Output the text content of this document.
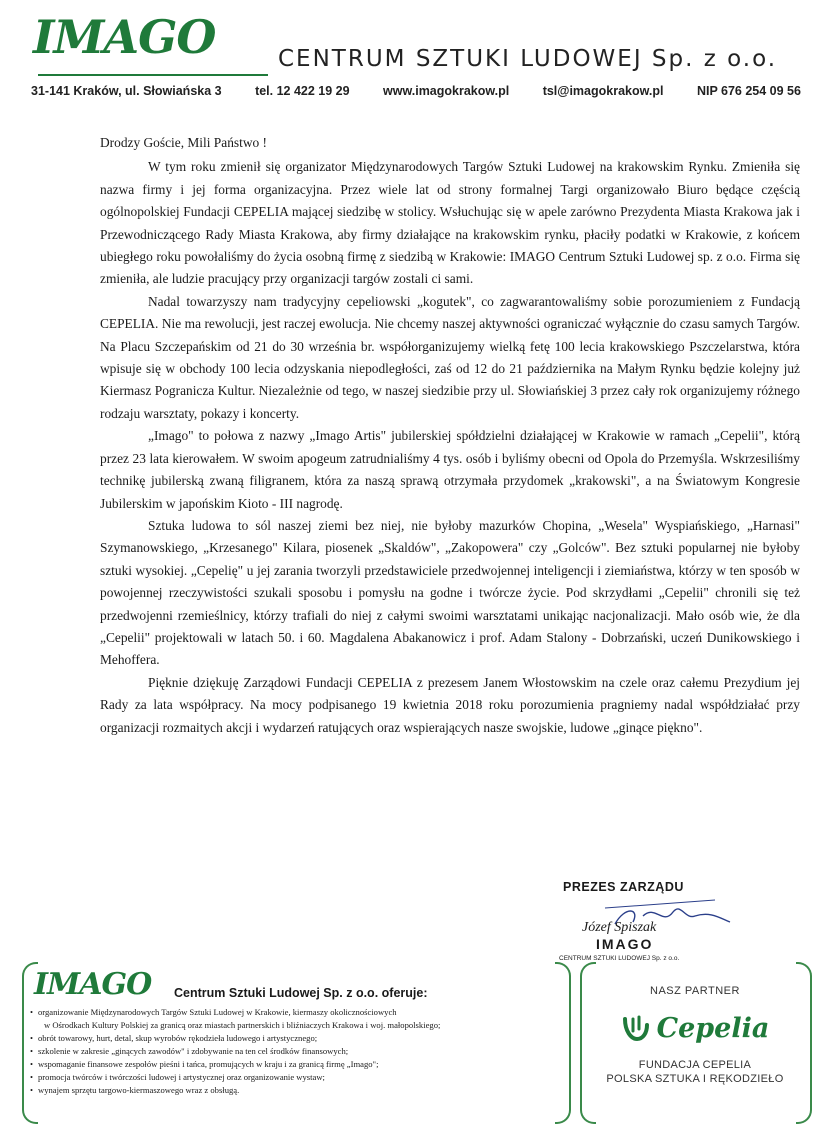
IMAGO	CENTRUM SZTUKI LUDOWEJ Sp. z o.o.
31-141 Kraków, ul. Słowiańska 3	tel. 12 422 19 29	www.imagokrakow.pl	tsl@imagokrakow.pl	NIP 676 254 09 56

Drodzy Goście, Mili Państwo !

W tym roku zmienił się organizator Międzynarodowych Targów Sztuki Ludowej na krakowskim Rynku. Zmieniła się nazwa firmy i jej forma organizacyjna. Przez wiele lat od strony formalnej Targi organizowało Biuro będące częścią ogólnopolskiej Fundacji CEPELIA mającej siedzibę w stolicy. Wsłuchując się w apele zarówno Prezydenta Miasta Krakowa jak i Przewodniczącego Rady Miasta Krakowa, aby firmy działające na krakowskim rynku, płaciły podatki w Krakowie, z końcem ubiegłego roku powołaliśmy do życia osobną firmę z siedzibą w Krakowie: IMAGO Centrum Sztuki Ludowej sp. z o.o. Firma się zmieniła, ale ludzie pracujący przy organizacji targów zostali ci sami.

Nadal towarzyszy nam tradycyjny cepeliowski „kogutek", co zagwarantowaliśmy sobie porozumieniem z Fundacją CEPELIA. Nie ma rewolucji, jest raczej ewolucja. Nie chcemy naszej aktywności ograniczać wyłącznie do czasu samych Targów. Na Placu Szczepańskim od 21 do 30 września br. współorganizujemy wielką fetę 100 lecia krakowskiego Pszczelarstwa, która wpisuje się w obchody 100 lecia odzyskania niepodległości, zaś od 12 do 21 października na Małym Rynku będzie kolejny już Kiermasz Pogranicza Kultur. Niezależnie od tego, w naszej siedzibie przy ul. Słowiańskiej 3 przez cały rok organizujemy różnego rodzaju warsztaty, pokazy i koncerty.

„Imago" to połowa z nazwy „Imago Artis" jubilerskiej spółdzielni działającej w Krakowie w ramach „Cepelii", którą przez 23 lata kierowałem. W swoim apogeum zatrudnialiśmy 4 tys. osób i byliśmy obecni od Opola do Przemyśla. Wskrzesiliśmy technikę jubilerską zwaną filigranem, która za naszą sprawą otrzymała przydomek „krakowski", a na Światowym Kongresie Jubilerskim w japońskim Kioto - III nagrodę.

Sztuka ludowa to sól naszej ziemi bez niej, nie byłoby mazurków Chopina, „Wesela" Wyspiańskiego, „Harnasi" Szymanowskiego, „Krzesanego" Kilara, piosenek „Skaldów", „Zakopowera" czy „Golców". Bez sztuki popularnej nie byłoby sztuki wysokiej. „Cepelię" u jej zarania tworzyli przedstawiciele przedwojennej inteligencji i ziemiaństwa, którzy w ten sposób w powojennej rzeczywistości szukali sposobu i pomysłu na godne i twórcze życie. Pod skrzydłami „Cepelii" chronili się też przedwojenni rzemieślnicy, którzy trafiali do niej z całymi swoimi warsztatami unikając nacjonalizacji. Mało osób wie, że dla „Cepelii" projektowali w latach 50. i 60. Magdalena Abakanowicz i prof. Adam Stalony - Dobrzański, uczeń Dunikowskiego i Mehoffera.

Pięknie dziękuję Zarządowi Fundacji CEPELIA z prezesem Janem Włostowskim na czele oraz całemu Prezydium jej Rady za lata współpracy. Na mocy podpisanego 19 kwietnia 2018 roku porozumienia pragniemy nadal współdziałać przy organizacji rozmaitych akcji i wydarzeń ratujących oraz wspierających nasze swojskie, ludowe „ginące piękno".

PREZES ZARZĄDU
Józef Spiszak
IMAGO
CENTRUM SZTUKI LUDOWEJ Sp. z o.o.
IMAGO Centrum Sztuki Ludowej Sp. z o.o. oferuje:
• organizowanie Międzynarodowych Targów Sztuki Ludowej w Krakowie, kiermaszy okolicznościowych
w Ośrodkach Kultury Polskiej za granicą oraz miastach partnerskich i bliźniaczych Krakowa i woj. małopolskiego;
• obrót towarowy, hurt, detal, skup wyrobów rękodzieła ludowego i artystycznego;
• szkolenie w zakresie „ginących zawodów" i zdobywanie na ten cel środków finansowych;
• wspomaganie finansowe zespołów pieśni i tańca, promujących w kraju i za granicą firmę „Imago";
• promocja twórców i twórczości ludowej i artystycznej oraz organizowanie wystaw;
• wynajem sprzętu targowo-kiermaszowego wraz z obsługą.
NASZ PARTNER
Cepelia
FUNDACJA CEPELIA
POLSKA SZTUKA I RĘKODZIEŁO
